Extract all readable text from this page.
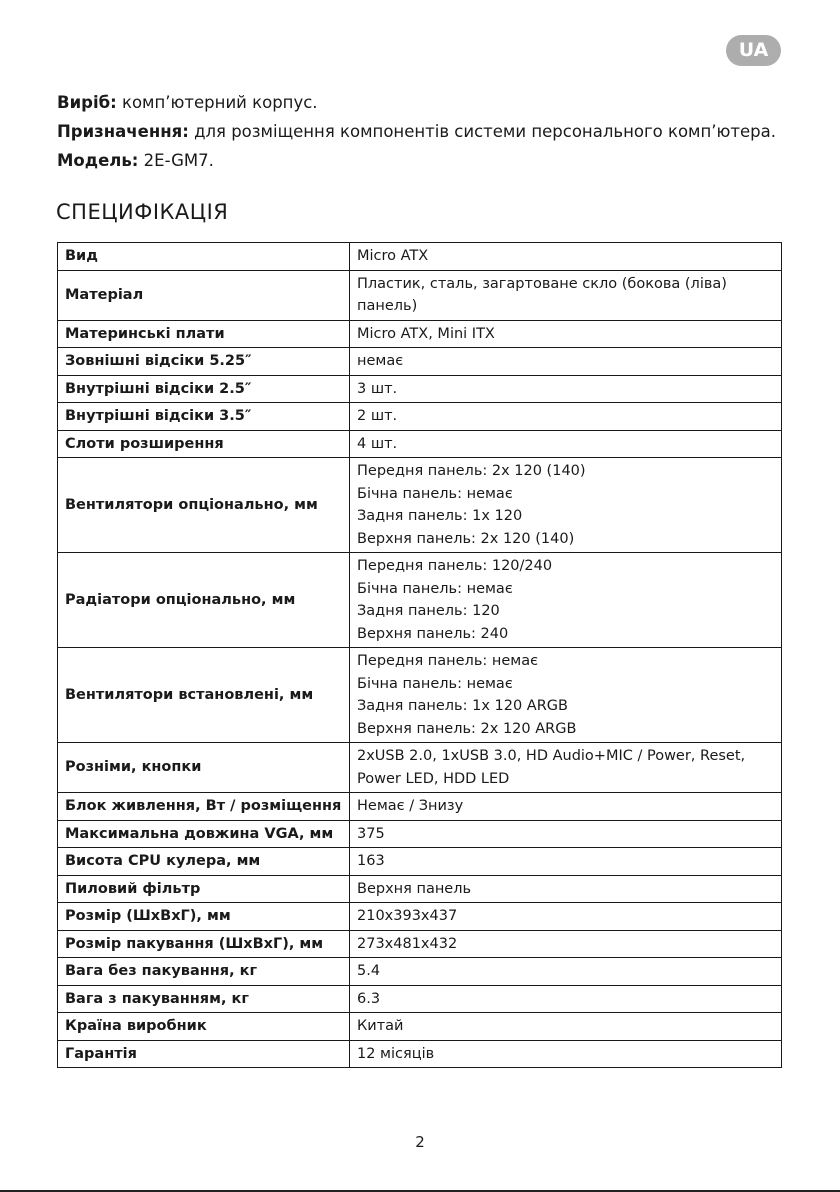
UA
Виріб: комп’ютерний корпус.
Призначення: для розміщення компонентів системи персонального комп’ютера.
Модель: 2E-GM7.
СПЕЦИФІКАЦІЯ
Вид	Micro ATX
Матеріал	Пластик, сталь, загартоване скло (бокова (ліва) панель)
Материнські плати	Micro ATX, Mini ITX
Зовнішні відсіки 5.25″	немає
Внутрішні відсіки 2.5″	3 шт.
Внутрішні відсіки 3.5″	2 шт.
Слоти розширення	4 шт.
Вентилятори опціонально, мм	Передня панель: 2x 120 (140)
Бічна панель: немає
Задня панель: 1x 120
Верхня панель: 2x 120 (140)
Радіатори опціонально, мм	Передня панель: 120/240
Бічна панель: немає
Задня панель: 120
Верхня панель: 240
Вентилятори встановлені, мм	Передня панель: немає
Бічна панель: немає
Задня панель: 1x 120 ARGB
Верхня панель: 2x 120 ARGB
Розніми, кнопки	2xUSB 2.0, 1xUSB 3.0, HD Audio+MIC / Power, Reset, Power LED, HDD LED
Блок живлення, Вт / розміщення	Немає / Знизу
Максимальна довжина VGA, мм	375
Висота CPU кулера, мм	163
Пиловий фільтр	Верхня панель
Розмір (ШхВхГ), мм	210x393x437
Розмір пакування (ШхВхГ), мм	273x481x432
Вага без пакування, кг	5.4
Вага з пакуванням, кг	6.3
Країна виробник	Китай
Гарантія	12 місяців
2
